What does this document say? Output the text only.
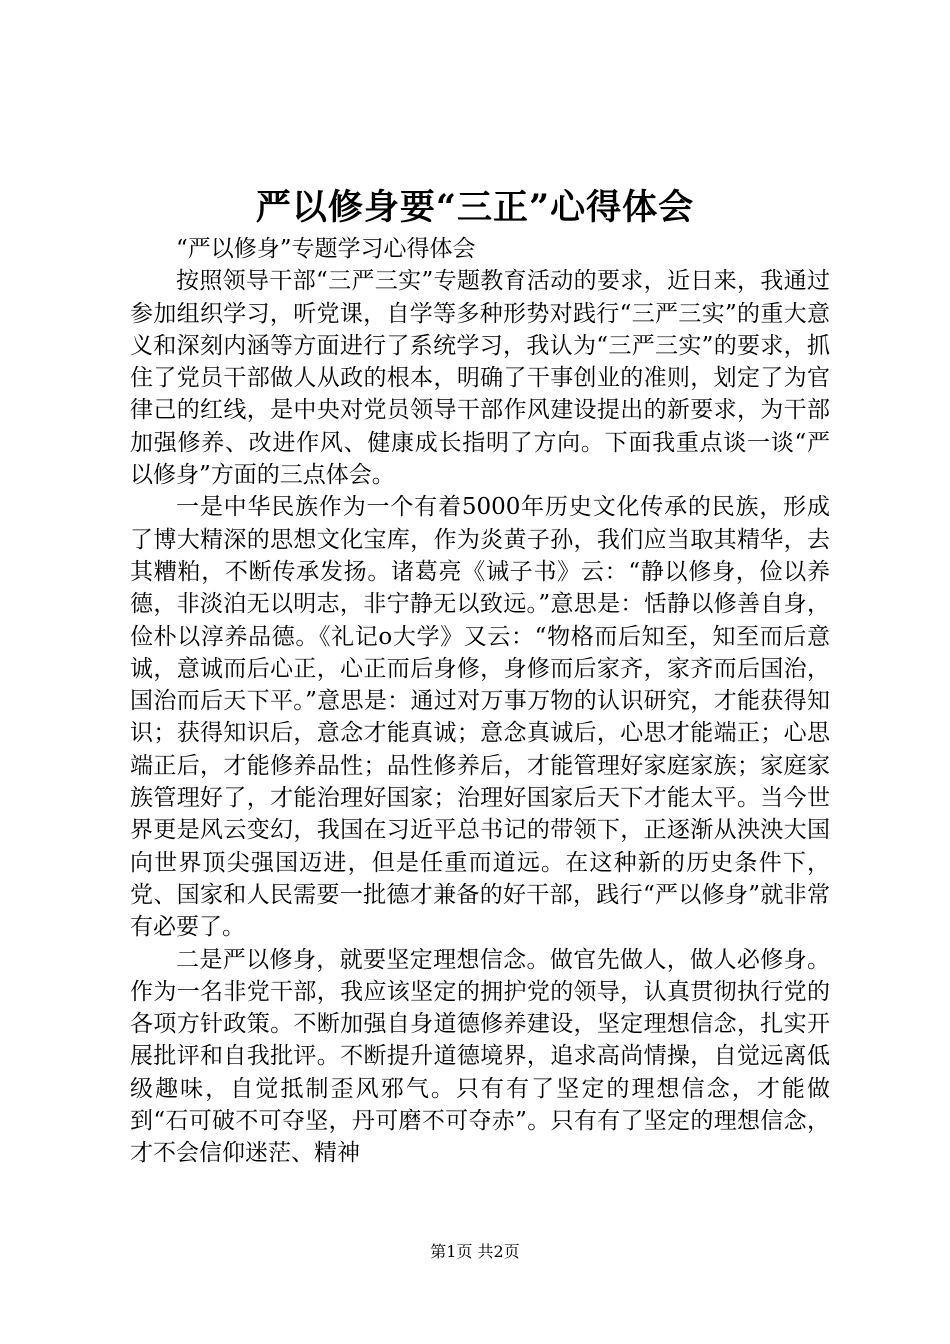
严以修身要“三正”心得体会

“严以修身”专题学习心得体会

按照领导干部“三严三实”专题教育活动的要求，近日来，我通过参加组织学习，听党课，自学等多种形势对践行“三严三实”的重大意义和深刻内涵等方面进行了系统学习，我认为“三严三实”的要求，抓住了党员干部做人从政的根本，明确了干事创业的准则，划定了为官律己的红线，是中央对党员领导干部作风建设提出的新要求，为干部加强修养、改进作风、健康成长指明了方向。下面我重点谈一谈“严以修身”方面的三点体会。

一是中华民族作为一个有着5000年历史文化传承的民族，形成了博大精深的思想文化宝库，作为炎黄子孙，我们应当取其精华，去其糟粕，不断传承发扬。诸葛亮《诫子书》云：“静以修身，俭以养德，非淡泊无以明志，非宁静无以致远。”意思是：恬静以修善自身，俭朴以淳养品德。《礼记o大学》又云：“物格而后知至，知至而后意诚，意诚而后心正，心正而后身修，身修而后家齐，家齐而后国治，国治而后天下平。”意思是：通过对万事万物的认识研究，才能获得知识；获得知识后，意念才能真诚；意念真诚后，心思才能端正；心思端正后，才能修养品性；品性修养后，才能管理好家庭家族；家庭家族管理好了，才能治理好国家；治理好国家后天下才能太平。当今世界更是风云变幻，我国在习近平总书记的带领下，正逐渐从泱泱大国向世界顶尖强国迈进，但是任重而道远。在这种新的历史条件下，党、国家和人民需要一批德才兼备的好干部，践行“严以修身”就非常有必要了。

二是严以修身，就要坚定理想信念。做官先做人，做人必修身。作为一名非党干部，我应该坚定的拥护党的领导，认真贯彻执行党的各项方针政策。不断加强自身道德修养建设，坚定理想信念，扎实开展批评和自我批评。不断提升道德境界，追求高尚情操，自觉远离低级趣味，自觉抵制歪风邪气。只有有了坚定的理想信念，才能做到“石可破不可夺坚，丹可磨不可夺赤”。只有有了坚定的理想信念，才不会信仰迷茫、精神

第1页 共2页
